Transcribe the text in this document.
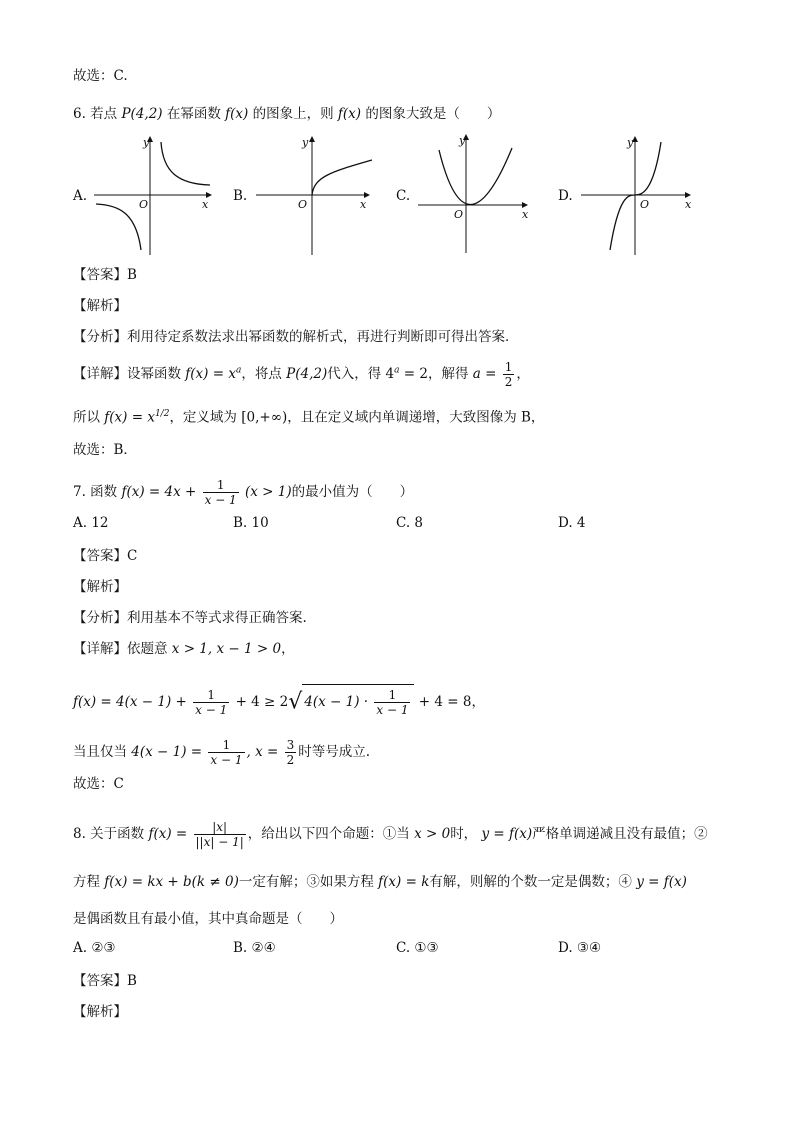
故选：C.
6. 若点 P(4,2) 在幂函数 f(x) 的图象上，则 f(x) 的图象大致是（　　）
A.
y
x
O
B.
y
x
O
C.
y
x
O
D.
y
x
O
【答案】B
【解析】
【分析】利用待定系数法求出幂函数的解析式，再进行判断即可得出答案．
【详解】设幂函数 $f(x) = x^a$，将点 P(4,2)代入，得 $4^a = 2$，解得 $a = \frac{1}{2}$ ，
所以 $f(x) = x^{1/2}$，定义域为 [0,+∞)，且在定义域内单调递增，大致图像为 B，
故选：B．
7. 函数 $f(x) = 4x + \frac{1}{x - 1} (x > 1)$的最小值为（　　）
A. 12	B. 10	C. 8	D. 4
【答案】C
【解析】
【分析】利用基本不等式求得正确答案.
【详解】依题意 x > 1, x − 1 > 0，
$f(x) = 4(x - 1) + \frac{1}{x - 1} + 4 \ge 2√$ $4(x - 1) \cdot \frac{1}{x - 1} + 4 = 8$，
当且仅当 $4(x - 1) = \frac{1}{x - 1}$ , $x = \frac{3}{2}$ 时等号成立.
故选：C
8. 关于函数 $f(x) = \frac{|x|}{||x| - 1|}$ ，给出以下四个命题：①当 x > 0时， y = f(x)严格单调递减且没有最值；②
方程 f(x) = kx + b(k ≠ 0)一定有解；③如果方程 f(x) = k有解，则解的个数一定是偶数；④ y = f(x)
是偶函数且有最小值，其中真命题是（　　）
A. ②③	B. ②④	C. ①③	D. ③④
【答案】B
【解析】
